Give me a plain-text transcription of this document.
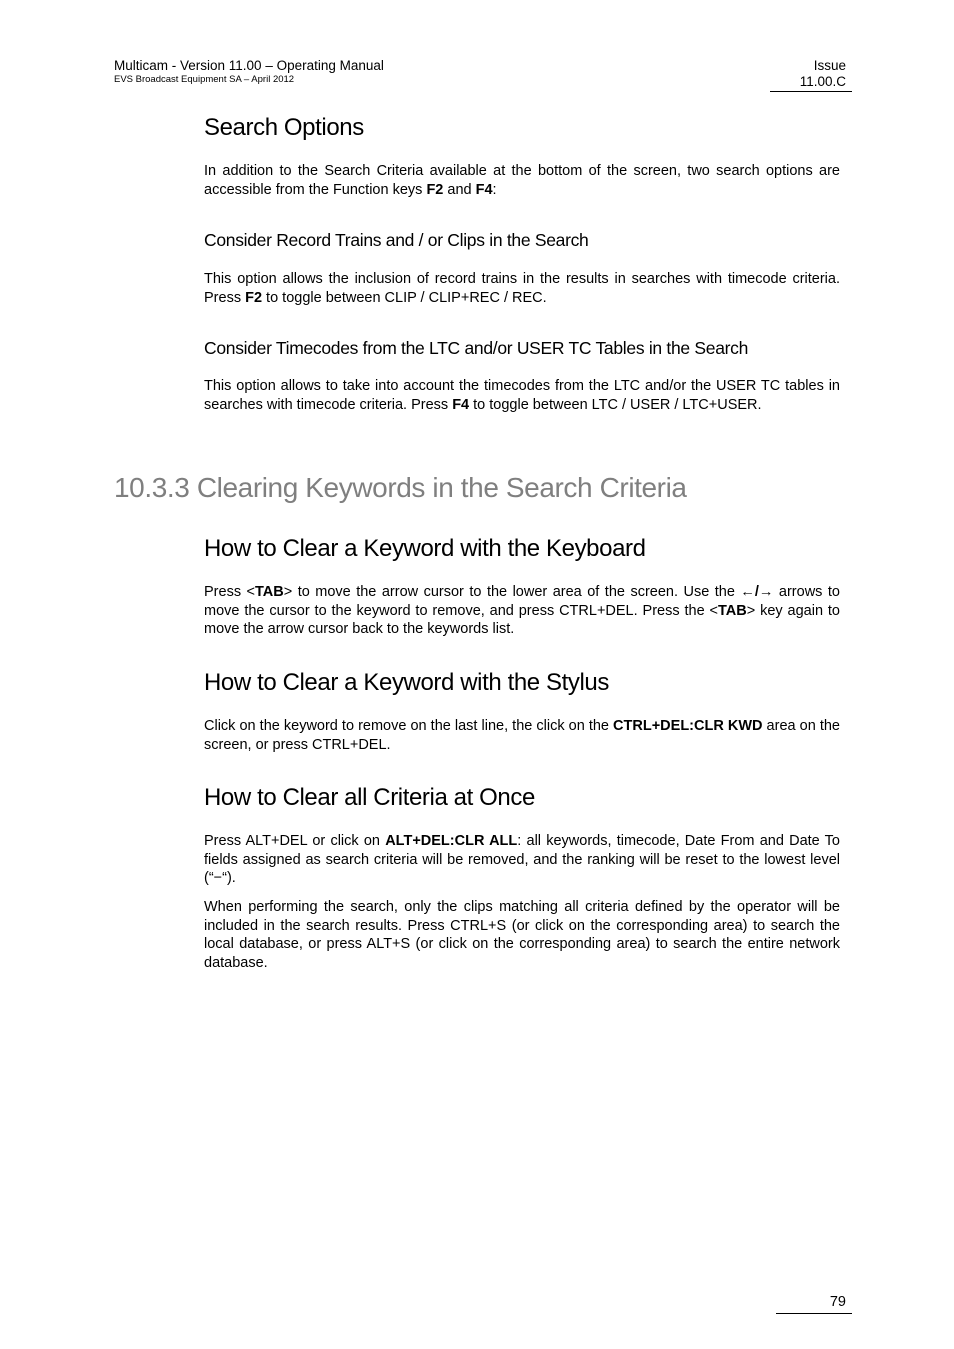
Multicam - Version 11.00 – Operating Manual
EVS Broadcast Equipment SA – April 2012
Issue
11.00.C
Search Options

In addition to the Search Criteria available at the bottom of the screen, two search options are accessible from the Function keys F2 and F4:

Consider Record Trains and / or Clips in the Search

This option allows the inclusion of record trains in the results in searches with timecode criteria. Press F2 to toggle between CLIP / CLIP+REC / REC.

Consider Timecodes from the LTC and/or USER TC Tables in the Search

This option allows to take into account the timecodes from the LTC and/or the USER TC tables in searches with timecode criteria. Press F4 to toggle between LTC / USER / LTC+USER.

10.3.3 Clearing Keywords in the Search Criteria
How to Clear a Keyword with the Keyboard

Press <TAB> to move the arrow cursor to the lower area of the screen. Use the ←/→ arrows to move the cursor to the keyword to remove, and press CTRL+DEL. Press the <TAB> key again to move the arrow cursor back to the keywords list.

How to Clear a Keyword with the Stylus

Click on the keyword to remove on the last line, the click on the CTRL+DEL:CLR KWD area on the screen, or press CTRL+DEL.

How to Clear all Criteria at Once

Press ALT+DEL or click on ALT+DEL:CLR ALL: all keywords, timecode, Date From and Date To fields assigned as search criteria will be removed, and the ranking will be reset to the lowest level (“−“).

When performing the search, only the clips matching all criteria defined by the operator will be included in the search results. Press CTRL+S (or click on the corresponding area) to search the local database, or press ALT+S (or click on the corresponding area) to search the entire network database.

79
